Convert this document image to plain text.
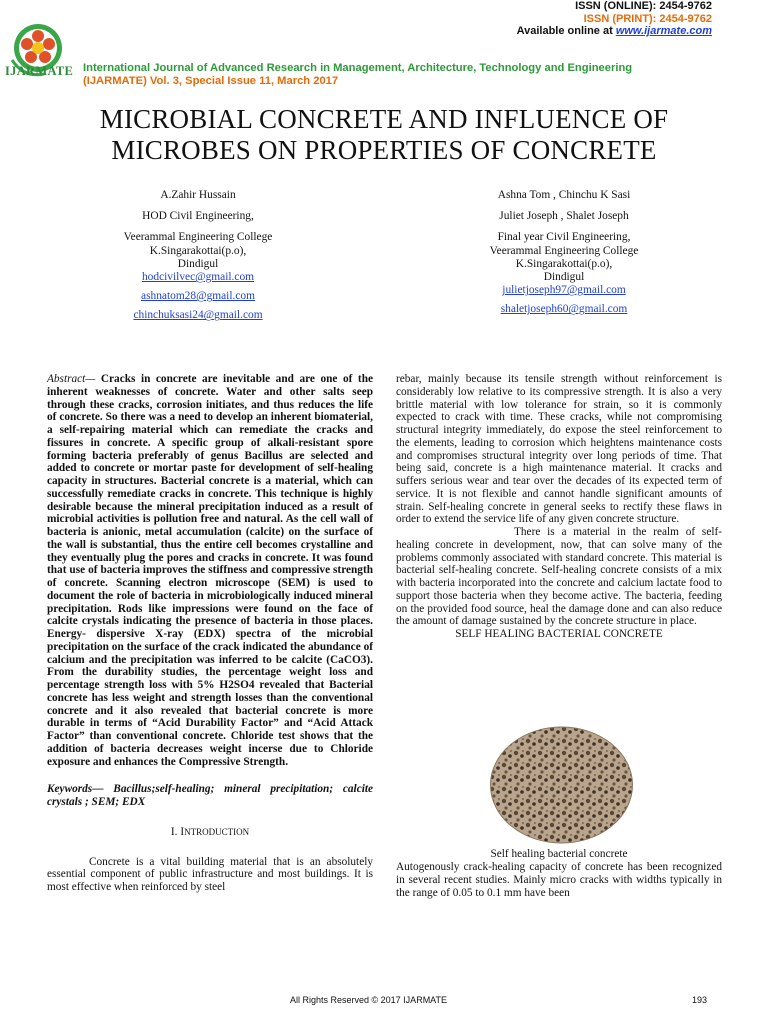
ISSN (ONLINE): 2454-9762
ISSN (PRINT): 2454-9762
Available online at www.ijarmate.com
IJARMATE International Journal of Advanced Research in Management, Architecture, Technology and Engineering
(IJARMATE) Vol. 3, Special Issue 11, March 2017
MICROBIAL CONCRETE AND INFLUENCE OF
MICROBES ON PROPERTIES OF CONCRETE
A.Zahir Hussain
HOD Civil Engineering,
Veerammal Engineering College
K.Singarakottai(p.o),
Dindigul
hodcivilvec@gmail.com
ashnatom28@gmail.com
chinchuksasi24@gmail.com
Ashna Tom , Chinchu K Sasi
Juliet Joseph , Shalet Joseph
Final year Civil Engineering,
Veerammal Engineering College
K.Singarakottai(p.o),
Dindigul
julietjoseph97@gmail.com
shaletjoseph60@gmail.com

Abstract— Cracks in concrete are inevitable and are one of the inherent weaknesses of concrete. Water and other salts seep through these cracks, corrosion initiates, and thus reduces the life of concrete. So there was a need to develop an inherent biomaterial, a self-repairing material which can remediate the cracks and fissures in concrete. A specific group of alkali-resistant spore forming bacteria preferably of genus Bacillus are selected and added to concrete or mortar paste for development of self-healing capacity in structures. Bacterial concrete is a material, which can successfully remediate cracks in concrete. This technique is highly desirable because the mineral precipitation induced as a result of microbial activities is pollution free and natural. As the cell wall of bacteria is anionic, metal accumulation (calcite) on the surface of the wall is substantial, thus the entire cell becomes crystalline and they eventually plug the pores and cracks in concrete. It was found that use of bacteria improves the stiffness and compressive strength of concrete. Scanning electron microscope (SEM) is used to document the role of bacteria in microbiologically induced mineral precipitation. Rods like impressions were found on the face of calcite crystals indicating the presence of bacteria in those places. Energy- dispersive X-ray (EDX) spectra of the microbial precipitation on the surface of the crack indicated the abundance of calcium and the precipitation was inferred to be calcite (CaCO3). From the durability studies, the percentage weight loss and percentage strength loss with 5% H2SO4 revealed that Bacterial concrete has less weight and strength losses than the conventional concrete and it also revealed that bacterial concrete is more durable in terms of “Acid Durability Factor” and “Acid Attack Factor” than conventional concrete. Chloride test shows that the addition of bacteria decreases weight incerse due to Chloride exposure and enhances the Compressive Strength.

Keywords— Bacillus;self-healing; mineral precipitation; calcite crystals ; SEM; EDX

I. INTRODUCTION

Concrete is a vital building material that is an absolutely essential component of public infrastructure and most buildings. It is most effective when reinforced by steel

rebar, mainly because its tensile strength without reinforcement is considerably low relative to its compressive strength. It is also a very brittle material with low tolerance for strain, so it is commonly expected to crack with time. These cracks, while not compromising structural integrity immediately, do expose the steel reinforcement to the elements, leading to corrosion which heightens maintenance costs and compromises structural integrity over long periods of time. That being said, concrete is a high maintenance material. It cracks and suffers serious wear and tear over the decades of its expected term of service. It is not flexible and cannot handle significant amounts of strain. Self-healing concrete in general seeks to rectify these flaws in order to extend the service life of any given concrete structure.

There is a material in the realm of self-healing concrete in development, now, that can solve many of the problems commonly associated with standard concrete. This material is bacterial self-healing concrete. Self-healing concrete consists of a mix with bacteria incorporated into the concrete and calcium lactate food to support those bacteria when they become active. The bacteria, feeding on the provided food source, heal the damage done and can also reduce the amount of damage sustained by the concrete structure in place.

SELF HEALING BACTERIAL CONCRETE

Self healing bacterial concrete

Autogenously crack-healing capacity of concrete has been recognized in several recent studies. Mainly micro cracks with widths typically in the range of 0.05 to 0.1 mm have been

All Rights Reserved © 2017 IJARMATE	193
